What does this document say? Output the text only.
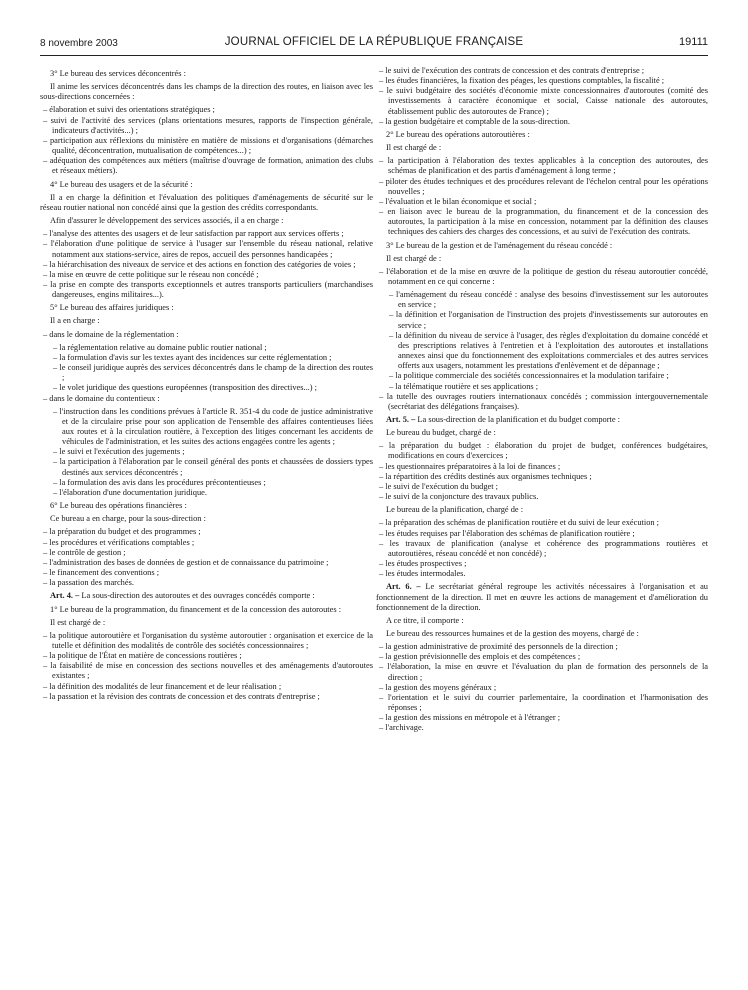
8 novembre 2003	JOURNAL OFFICIEL DE LA RÉPUBLIQUE FRANÇAISE	19111

3° Le bureau des services déconcentrés :

Il anime les services déconcentrés dans les champs de la direction des routes, en liaison avec les sous-directions concernées :

– élaboration et suivi des orientations stratégiques ;
– suivi de l'activité des services (plans orientations mesures, rapports de l'inspection générale, indicateurs d'activités...) ;
– participation aux réflexions du ministère en matière de missions et d'organisations (démarches qualité, déconcentration, mutualisation de compétences...) ;
– adéquation des compétences aux métiers (maîtrise d'ouvrage de formation, animation des clubs et réseaux métiers).

4° Le bureau des usagers et de la sécurité :

Il a en charge la définition et l'évaluation des politiques d'aménagements de sécurité sur le réseau routier national non concédé ainsi que la gestion des crédits correspondants.

Afin d'assurer le développement des services associés, il a en charge :

– l'analyse des attentes des usagers et de leur satisfaction par rapport aux services offerts ;
– l'élaboration d'une politique de service à l'usager sur l'ensemble du réseau national, relative notamment aux stations-service, aires de repos, accueil des personnes handicapées ;
– la hiérarchisation des niveaux de service et des actions en fonction des catégories de voies ;
– la mise en œuvre de cette politique sur le réseau non concédé ;
– la prise en compte des transports exceptionnels et autres transports particuliers (marchandises dangereuses, engins militaires...).

5° Le bureau des affaires juridiques :

Il a en charge :

– dans le domaine de la réglementation :
– la réglementation relative au domaine public routier national ;
– la formulation d'avis sur les textes ayant des incidences sur cette réglementation ;
– le conseil juridique auprès des services déconcentrés dans le champ de la direction des routes ;
– le volet juridique des questions européennes (transposition des directives...) ;
– dans le domaine du contentieux :
– l'instruction dans les conditions prévues à l'article R. 351-4 du code de justice administrative et de la circulaire prise pour son application de l'ensemble des affaires contentieuses liées aux routes et à la circulation routière, à l'exception des litiges concernant les accidents de véhicules de l'administration, et les suites des actions engagées contre les agents ;
– le suivi et l'exécution des jugements ;
– la participation à l'élaboration par le conseil général des ponts et chaussées de dossiers types destinés aux services déconcentrés ;
– la formulation des avis dans les procédures précontentieuses ;
– l'élaboration d'une documentation juridique.

6° Le bureau des opérations financières :

Ce bureau a en charge, pour la sous-direction :

– la préparation du budget et des programmes ;
– les procédures et vérifications comptables ;
– le contrôle de gestion ;
– l'administration des bases de données de gestion et de connaissance du patrimoine ;
– le financement des conventions ;
– la passation des marchés.

Art. 4. – La sous-direction des autoroutes et des ouvrages concédés comporte :

1° Le bureau de la programmation, du financement et de la concession des autoroutes :

Il est chargé de :

– la politique autoroutière et l'organisation du système autoroutier : organisation et exercice de la tutelle et définition des modalités de contrôle des sociétés concessionnaires ;
– la politique de l'État en matière de concessions routières ;
– la faisabilité de mise en concession des sections nouvelles et des aménagements d'autoroutes existantes ;
– la définition des modalités de leur financement et de leur réalisation ;
– la passation et la révision des contrats de concession et des contrats d'entreprise ;
– le suivi de l'exécution des contrats de concession et des contrats d'entreprise ;
– les études financières, la fixation des péages, les questions comptables, la fiscalité ;
– le suivi budgétaire des sociétés d'économie mixte concessionnaires d'autoroutes (comité des investissements à caractère économique et social, Caisse nationale des autoroutes, établissement public des autoroutes de France) ;
– la gestion budgétaire et comptable de la sous-direction.

2° Le bureau des opérations autoroutières :

Il est chargé de :

– la participation à l'élaboration des textes applicables à la conception des autoroutes, des schémas de planification et des partis d'aménagement à long terme ;
– piloter des études techniques et des procédures relevant de l'échelon central pour les opérations nouvelles ;
– l'évaluation et le bilan économique et social ;
– en liaison avec le bureau de la programmation, du financement et de la concession des autoroutes, la participation à la mise en concession, notamment par la définition des clauses techniques des cahiers des charges des concessions, et au suivi de l'exécution des contrats.

3° Le bureau de la gestion et de l'aménagement du réseau concédé :

Il est chargé de :

– l'élaboration et de la mise en œuvre de la politique de gestion du réseau autoroutier concédé, notamment en ce qui concerne :
– l'aménagement du réseau concédé : analyse des besoins d'investissement sur les autoroutes en service ;
– la définition et l'organisation de l'instruction des projets d'investissements sur autoroutes en service ;
– la définition du niveau de service à l'usager, des règles d'exploitation du domaine concédé et des prescriptions relatives à l'entretien et à l'exploitation des autoroutes et installations annexes ainsi que du fonctionnement des exploitations commerciales et des autres services offerts aux usagers, notamment les prestations d'enlèvement et de dépannage ;
– la politique commerciale des sociétés concessionnaires et la modulation tarifaire ;
– la télématique routière et ses applications ;
– la tutelle des ouvrages routiers internationaux concédés ; commission intergouvernementale (secrétariat des délégations françaises).

Art. 5. – La sous-direction de la planification et du budget comporte :

Le bureau du budget, chargé de :

– la préparation du budget : élaboration du projet de budget, conférences budgétaires, modifications en cours d'exercices ;
– les questionnaires préparatoires à la loi de finances ;
– la répartition des crédits destinés aux organismes techniques ;
– le suivi de l'exécution du budget ;
– le suivi de la conjoncture des travaux publics.

Le bureau de la planification, chargé de :

– la préparation des schémas de planification routière et du suivi de leur exécution ;
– les études requises par l'élaboration des schémas de planification routière ;
– les travaux de planification (analyse et cohérence des programmations routières et autoroutières, réseau concédé et non concédé) ;
– les études prospectives ;
– les études intermodales.

Art. 6. – Le secrétariat général regroupe les activités nécessaires à l'organisation et au fonctionnement de la direction. Il met en œuvre les actions de management et d'amélioration du fonctionnement de la direction.

A ce titre, il comporte :

Le bureau des ressources humaines et de la gestion des moyens, chargé de :

– la gestion administrative de proximité des personnels de la direction ;
– la gestion prévisionnelle des emplois et des compétences ;
– l'élaboration, la mise en œuvre et l'évaluation du plan de formation des personnels de la direction ;
– la gestion des moyens généraux ;
– l'orientation et le suivi du courrier parlementaire, la coordination et l'harmonisation des réponses ;
– la gestion des missions en métropole et à l'étranger ;
– l'archivage.
